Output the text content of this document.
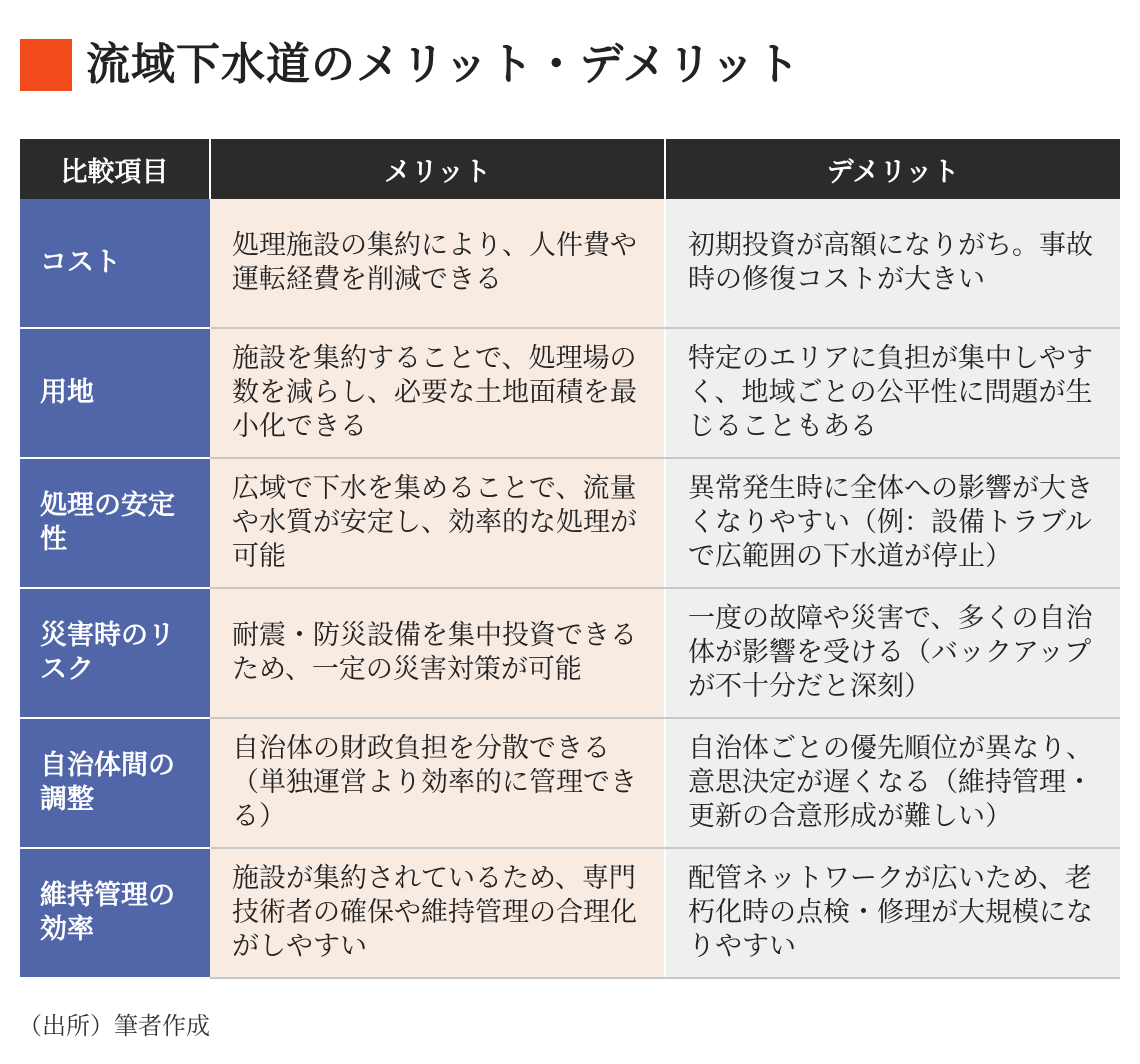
流域下水道のメリット・デメリット
比較項目	メリット	デメリット
コスト	処理施設の集約により、人件費や運転経費を削減できる	初期投資が高額になりがち。事故時の修復コストが大きい
用地	施設を集約することで、処理場の数を減らし、必要な土地面積を最小化できる	特定のエリアに負担が集中しやすく、地域ごとの公平性に問題が生じることもある
処理の安定性	広域で下水を集めることで、流量や水質が安定し、効率的な処理が可能	異常発生時に全体への影響が大きくなりやすい（例：設備トラブルで広範囲の下水道が停止）
災害時のリスク	耐震・防災設備を集中投資できるため、一定の災害対策が可能	一度の故障や災害で、多くの自治体が影響を受ける（バックアップが不十分だと深刻）
自治体間の調整	自治体の財政負担を分散できる（単独運営より効率的に管理できる）	自治体ごとの優先順位が異なり、意思決定が遅くなる（維持管理・更新の合意形成が難しい）
維持管理の効率	施設が集約されているため、専門技術者の確保や維持管理の合理化がしやすい	配管ネットワークが広いため、老朽化時の点検・修理が大規模になりやすい
（出所）筆者作成
